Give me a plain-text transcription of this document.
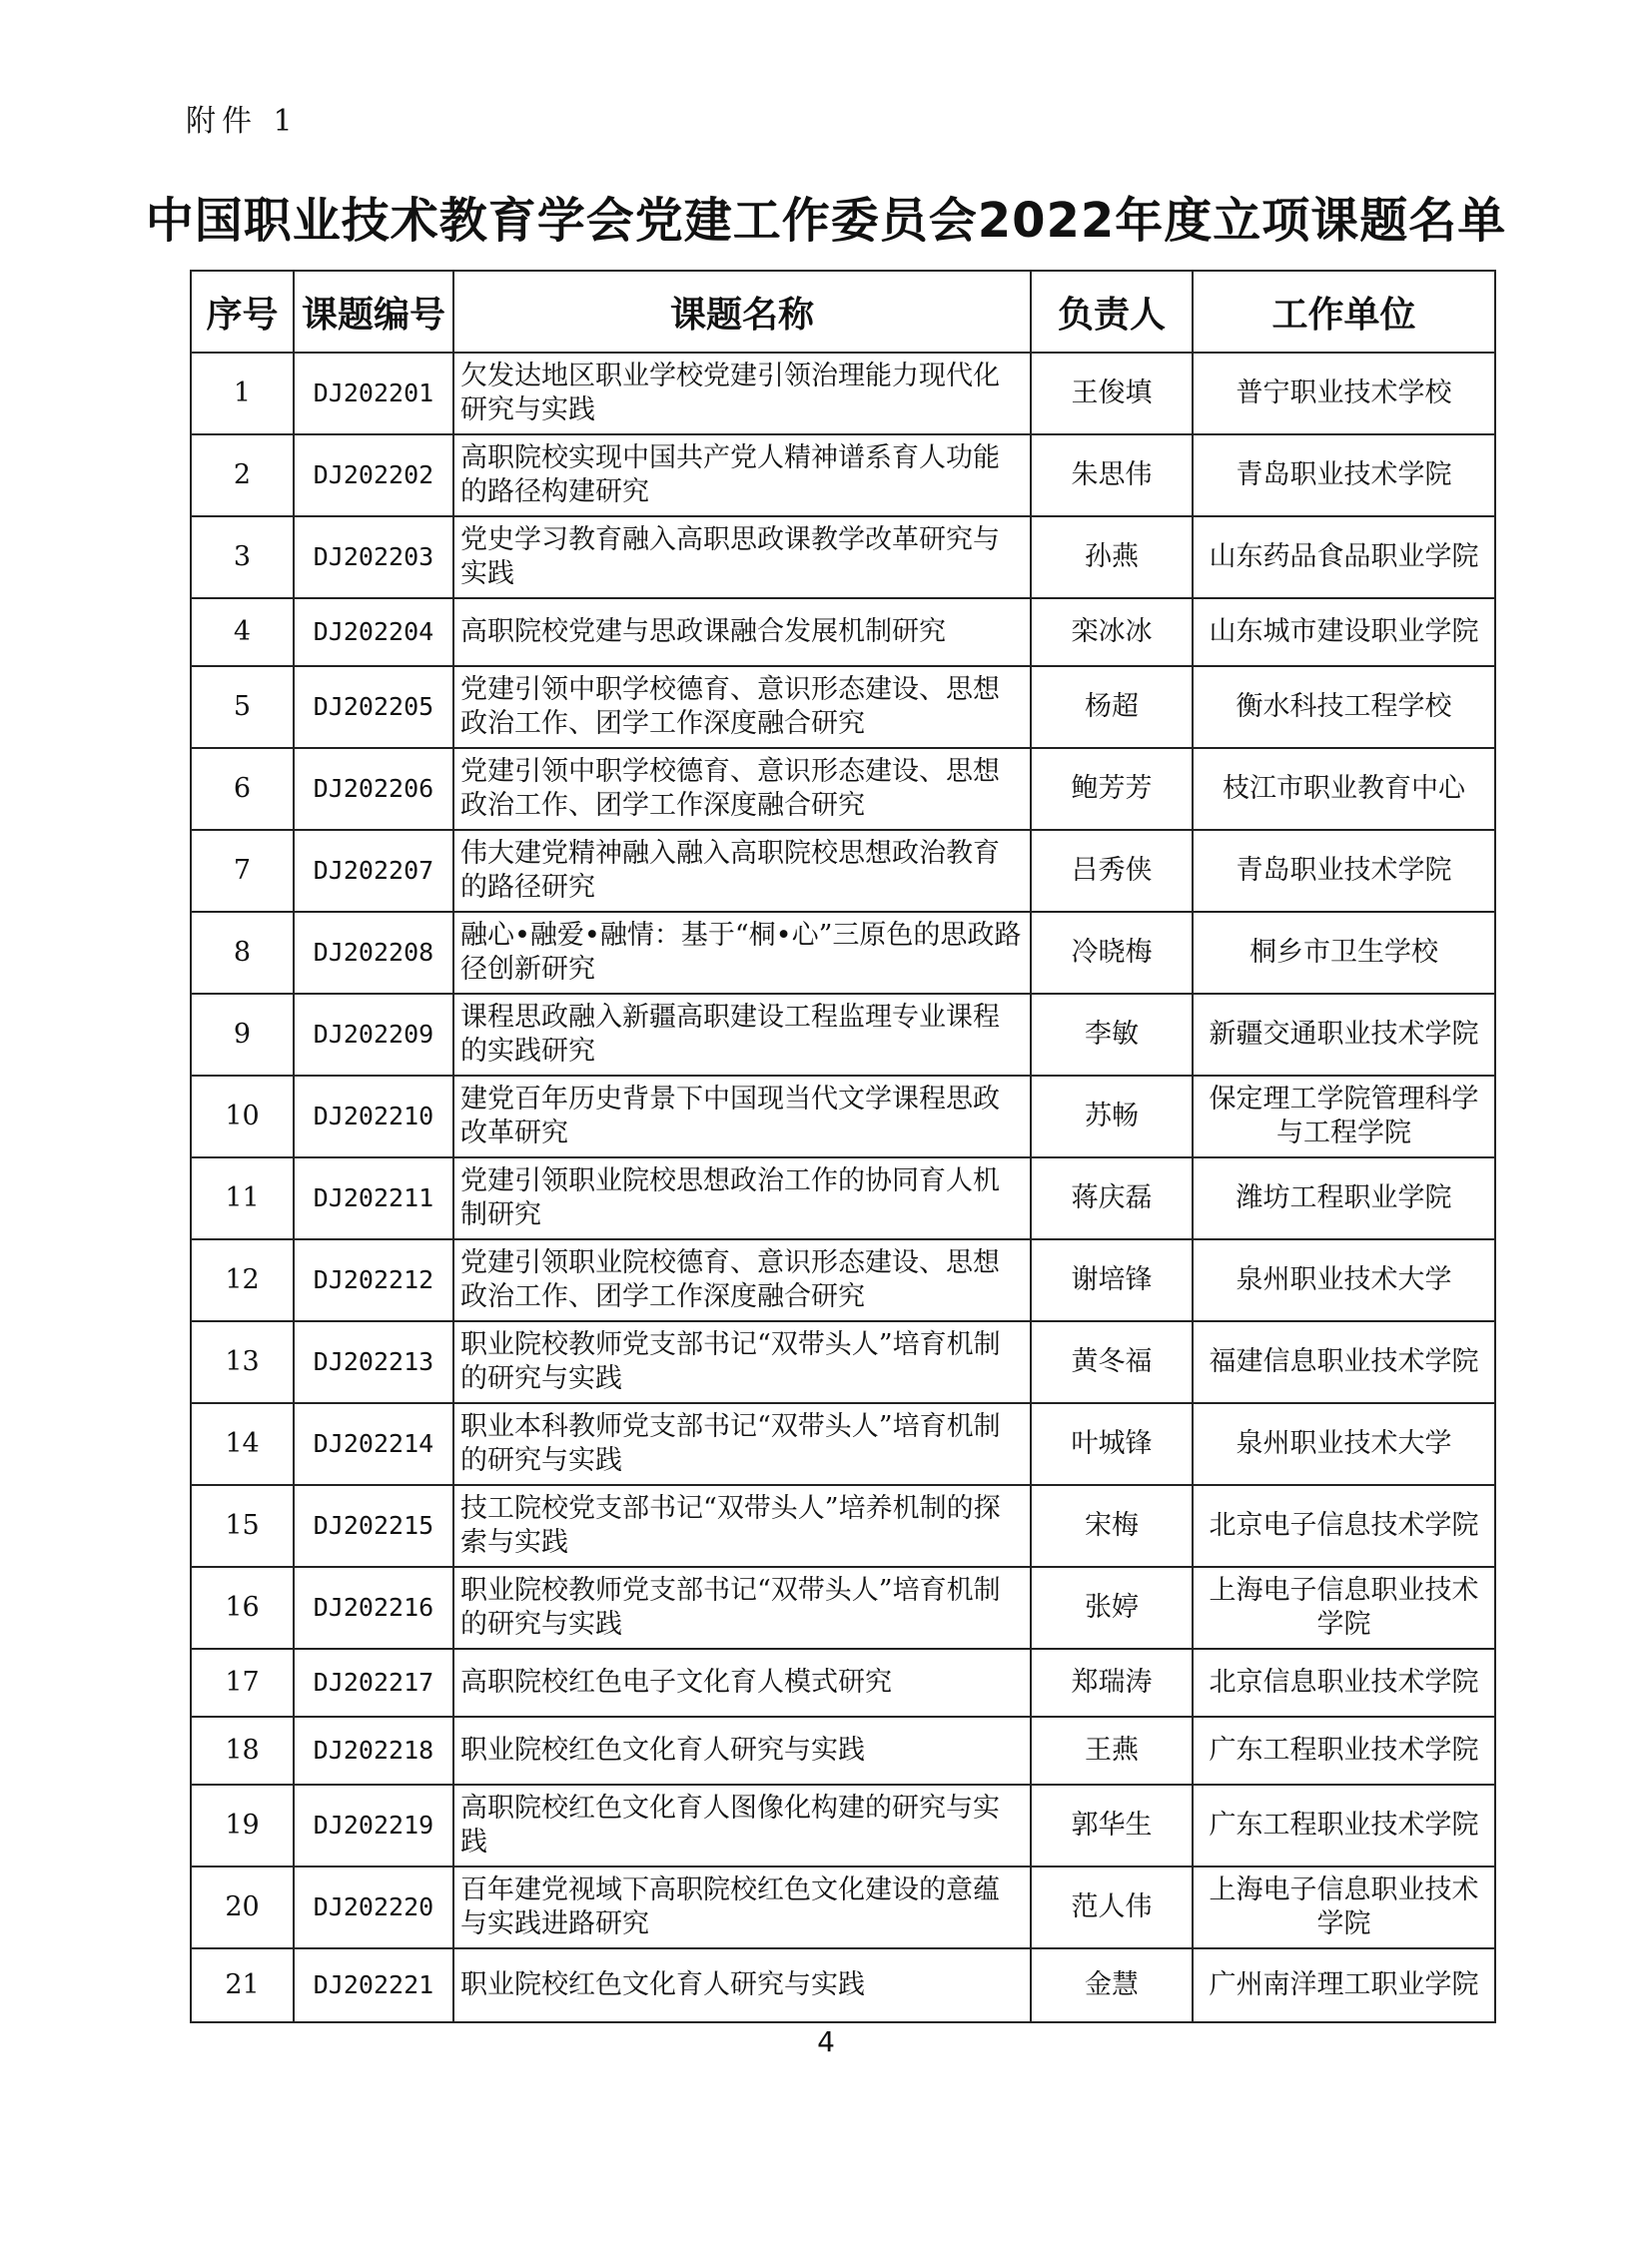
附件 1
中国职业技术教育学会党建工作委员会2022年度立项课题名单
序号	课题编号	课题名称	负责人	工作单位
1	DJ202201	欠发达地区职业学校党建引领治理能力现代化研究与实践	王俊填	普宁职业技术学校
2	DJ202202	高职院校实现中国共产党人精神谱系育人功能的路径构建研究	朱思伟	青岛职业技术学院
3	DJ202203	党史学习教育融入高职思政课教学改革研究与实践	孙燕	山东药品食品职业学院
4	DJ202204	高职院校党建与思政课融合发展机制研究	栾冰冰	山东城市建设职业学院
5	DJ202205	党建引领中职学校德育、意识形态建设、思想政治工作、团学工作深度融合研究	杨超	衡水科技工程学校
6	DJ202206	党建引领中职学校德育、意识形态建设、思想政治工作、团学工作深度融合研究	鲍芳芳	枝江市职业教育中心
7	DJ202207	伟大建党精神融入融入高职院校思想政治教育的路径研究	吕秀侠	青岛职业技术学院
8	DJ202208	融心•融爱•融情：基于“桐•心”三原色的思政路径创新研究	冷晓梅	桐乡市卫生学校
9	DJ202209	课程思政融入新疆高职建设工程监理专业课程的实践研究	李敏	新疆交通职业技术学院
10	DJ202210	建党百年历史背景下中国现当代文学课程思政改革研究	苏畅	保定理工学院管理科学与工程学院
11	DJ202211	党建引领职业院校思想政治工作的协同育人机制研究	蒋庆磊	潍坊工程职业学院
12	DJ202212	党建引领职业院校德育、意识形态建设、思想政治工作、团学工作深度融合研究	谢培锋	泉州职业技术大学
13	DJ202213	职业院校教师党支部书记“双带头人”培育机制的研究与实践	黄冬福	福建信息职业技术学院
14	DJ202214	职业本科教师党支部书记“双带头人”培育机制的研究与实践	叶城锋	泉州职业技术大学
15	DJ202215	技工院校党支部书记“双带头人”培养机制的探索与实践	宋梅	北京电子信息技术学院
16	DJ202216	职业院校教师党支部书记“双带头人”培育机制的研究与实践	张婷	上海电子信息职业技术学院
17	DJ202217	高职院校红色电子文化育人模式研究	郑瑞涛	北京信息职业技术学院
18	DJ202218	职业院校红色文化育人研究与实践	王燕	广东工程职业技术学院
19	DJ202219	高职院校红色文化育人图像化构建的研究与实践	郭华生	广东工程职业技术学院
20	DJ202220	百年建党视域下高职院校红色文化建设的意蕴与实践进路研究	范人伟	上海电子信息职业技术学院
21	DJ202221	职业院校红色文化育人研究与实践	金慧	广州南洋理工职业学院
4
